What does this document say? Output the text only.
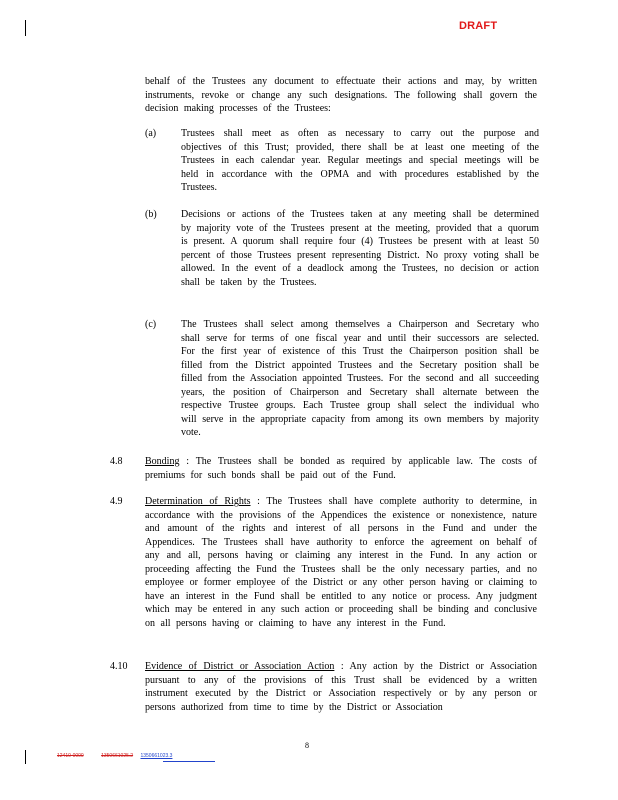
DRAFT

behalf of the Trustees any document to effectuate their actions and may, by written instruments, revoke or change any such designations. The following shall govern the decision making processes of the Trustees:

(a) Trustees shall meet as often as necessary to carry out the purpose and objectives of this Trust; provided, there shall be at least one meeting of the Trustees in each calendar year. Regular meetings and special meetings will be held in accordance with the OPMA and with procedures established by the Trustees.

(b) Decisions or actions of the Trustees taken at any meeting shall be determined by majority vote of the Trustees present at the meeting, provided that a quorum is present. A quorum shall require four (4) Trustees be present with at least 50 percent of those Trustees present representing District. No proxy voting shall be allowed. In the event of a deadlock among the Trustees, no decision or action shall be taken by the Trustees.

(c) The Trustees shall select among themselves a Chairperson and Secretary who shall serve for terms of one fiscal year and until their successors are selected. For the first year of existence of this Trust the Chairperson position shall be filled from the District appointed Trustees and the Secretary position shall be filled from the Association appointed Trustees. For the second and all succeeding years, the position of Chairperson and Secretary shall alternate between the respective Trustee groups. Each Trustee group shall select the individual who will serve in the appropriate capacity from among its own members by majority vote.

4.8 Bonding : The Trustees shall be bonded as required by applicable law. The costs of premiums for such bonds shall be paid out of the Fund.

4.9 Determination of Rights : The Trustees shall have complete authority to determine, in accordance with the provisions of the Appendices the existence or nonexistence, nature and amount of the rights and interest of all persons in the Fund and under the Appendices. The Trustees shall have authority to enforce the agreement on behalf of any and all, persons having or claiming any interest in the Fund. In any action or proceeding affecting the Fund the Trustees shall be the only necessary parties, and no employee or former employee of the District or any other person having or claiming to have an interest in the Fund shall be entitled to any notice or process. Any judgment which may be entered in any such action or proceeding shall be binding and conclusive on all persons having or claiming to have any interest in the Fund.

4.10 Evidence of District or Association Action : Any action by the District or Association pursuant to any of the provisions of this Trust shall be evidenced by a written instrument executed by the District or Association respectively or by any person or persons authorized from time to time by the District or Association

8
12410-0000	1350661025.2 1350661023.3
